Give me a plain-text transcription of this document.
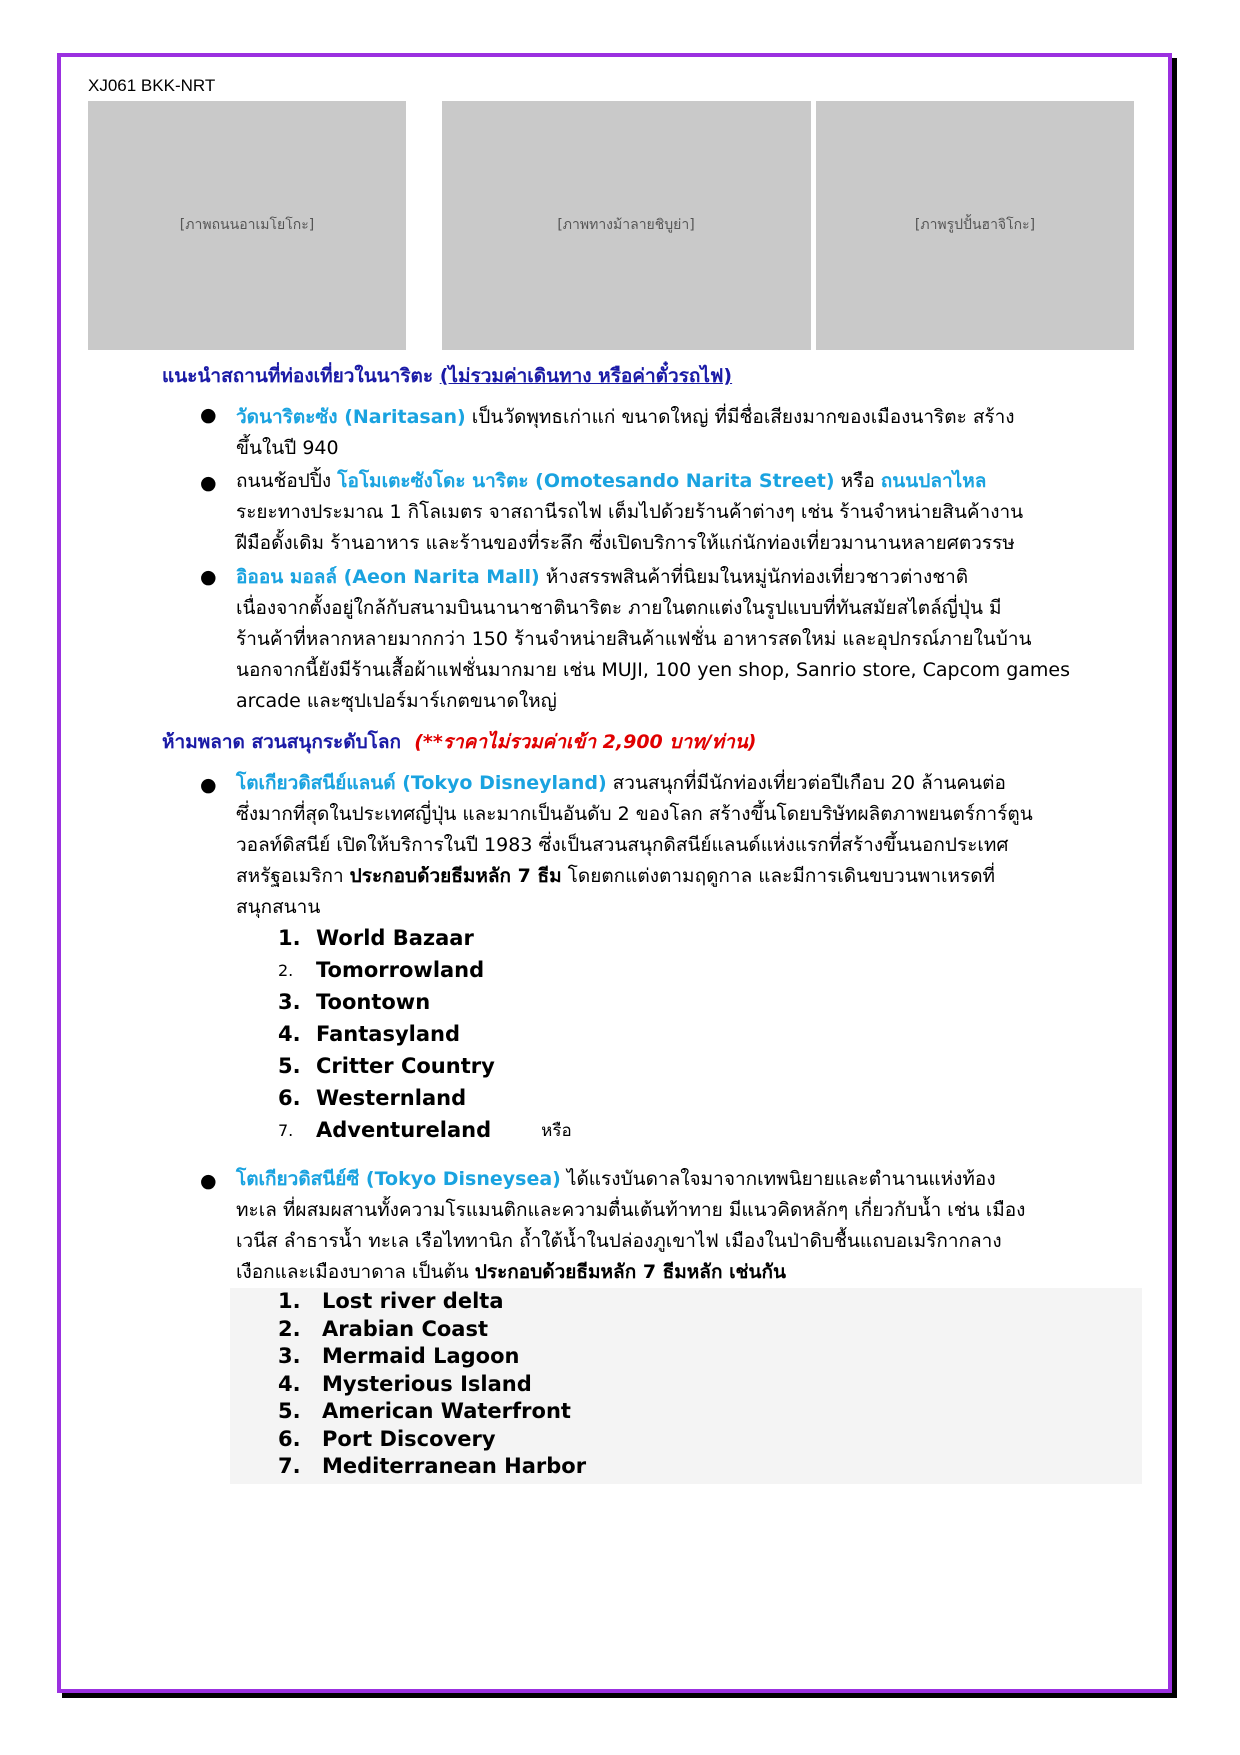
XJ061 BKK-NRT
[ภาพถนนอาเมโยโกะ]	[ภาพทางม้าลายชิบูย่า]	[ภาพรูปปั้นฮาจิโกะ]
แนะนำสถานที่ท่องเที่ยวในนาริตะ (ไม่รวมค่าเดินทาง หรือค่าตั๋วรถไฟ)
● วัดนาริตะซัง (Naritasan) เป็นวัดพุทธเก่าแก่ ขนาดใหญ่ ที่มีชื่อเสียงมากของเมืองนาริตะ สร้าง
ขึ้นในปี 940
● ถนนช้อปปิ้ง โอโมเตะซังโดะ นาริตะ (Omotesando Narita Street) หรือ ถนนปลาไหล
ระยะทางประมาณ 1 กิโลเมตร จาสถานีรถไฟ เต็มไปด้วยร้านค้าต่างๆ เช่น ร้านจำหน่ายสินค้างาน
ฝีมือดั้งเดิม ร้านอาหาร และร้านของที่ระลึก ซึ่งเปิดบริการให้แก่นักท่องเที่ยวมานานหลายศตวรรษ
● อิออน มอลล์ (Aeon Narita Mall) ห้างสรรพสินค้าที่นิยมในหมู่นักท่องเที่ยวชาวต่างชาติ
เนื่องจากตั้งอยู่ใกล้กับสนามบินนานาชาตินาริตะ ภายในตกแต่งในรูปแบบที่ทันสมัยสไตล์ญี่ปุ่น มี
ร้านค้าที่หลากหลายมากกว่า 150 ร้านจำหน่ายสินค้าแฟชั่น อาหารสดใหม่ และอุปกรณ์ภายในบ้าน
นอกจากนี้ยังมีร้านเสื้อผ้าแฟชั่นมากมาย เช่น MUJI, 100 yen shop, Sanrio store, Capcom games
arcade และซุปเปอร์มาร์เกตขนาดใหญ่
ห้ามพลาด สวนสนุกระดับโลก (**ราคาไม่รวมค่าเข้า 2,900 บาท/ท่าน)
● โตเกียวดิสนีย์แลนด์ (Tokyo Disneyland) สวนสนุกที่มีนักท่องเที่ยวต่อปีเกือบ 20 ล้านคนต่อ
ซึ่งมากที่สุดในประเทศญี่ปุ่น และมากเป็นอันดับ 2 ของโลก สร้างขึ้นโดยบริษัทผลิตภาพยนตร์การ์ตูน
วอลท์ดิสนีย์ เปิดให้บริการในปี 1983 ซึ่งเป็นสวนสนุกดิสนีย์แลนด์แห่งแรกที่สร้างขึ้นนอกประเทศ
สหรัฐอเมริกา ประกอบด้วยธีมหลัก 7 ธีม โดยตกแต่งตามฤดูกาล และมีการเดินขบวนพาเหรดที่
สนุกสนาน
1. World Bazaar
2.	Tomorrowland
3. Toontown
4. Fantasyland
5. Critter Country
6. Westernland
7.	Adventureland	หรือ
● โตเกียวดิสนีย์ซี (Tokyo Disneysea) ได้แรงบันดาลใจมาจากเทพนิยายและตำนานแห่งท้อง
ทะเล ที่ผสมผสานทั้งความโรแมนติกและความตื่นเต้นท้าทาย มีแนวคิดหลักๆ เกี่ยวกับน้ำ เช่น เมือง
เวนีส ลำธารน้ำ ทะเล เรือไททานิก ถ้ำใต้น้ำในปล่องภูเขาไฟ เมืองในป่าดิบชื้นแถบอเมริกากลาง
เงือกและเมืองบาดาล เป็นต้น ประกอบด้วยธีมหลัก 7 ธีมหลัก เช่นกัน
1. Lost river delta
2. Arabian Coast
3. Mermaid Lagoon
4. Mysterious Island
5. American Waterfront
6. Port Discovery
7. Mediterranean Harbor
